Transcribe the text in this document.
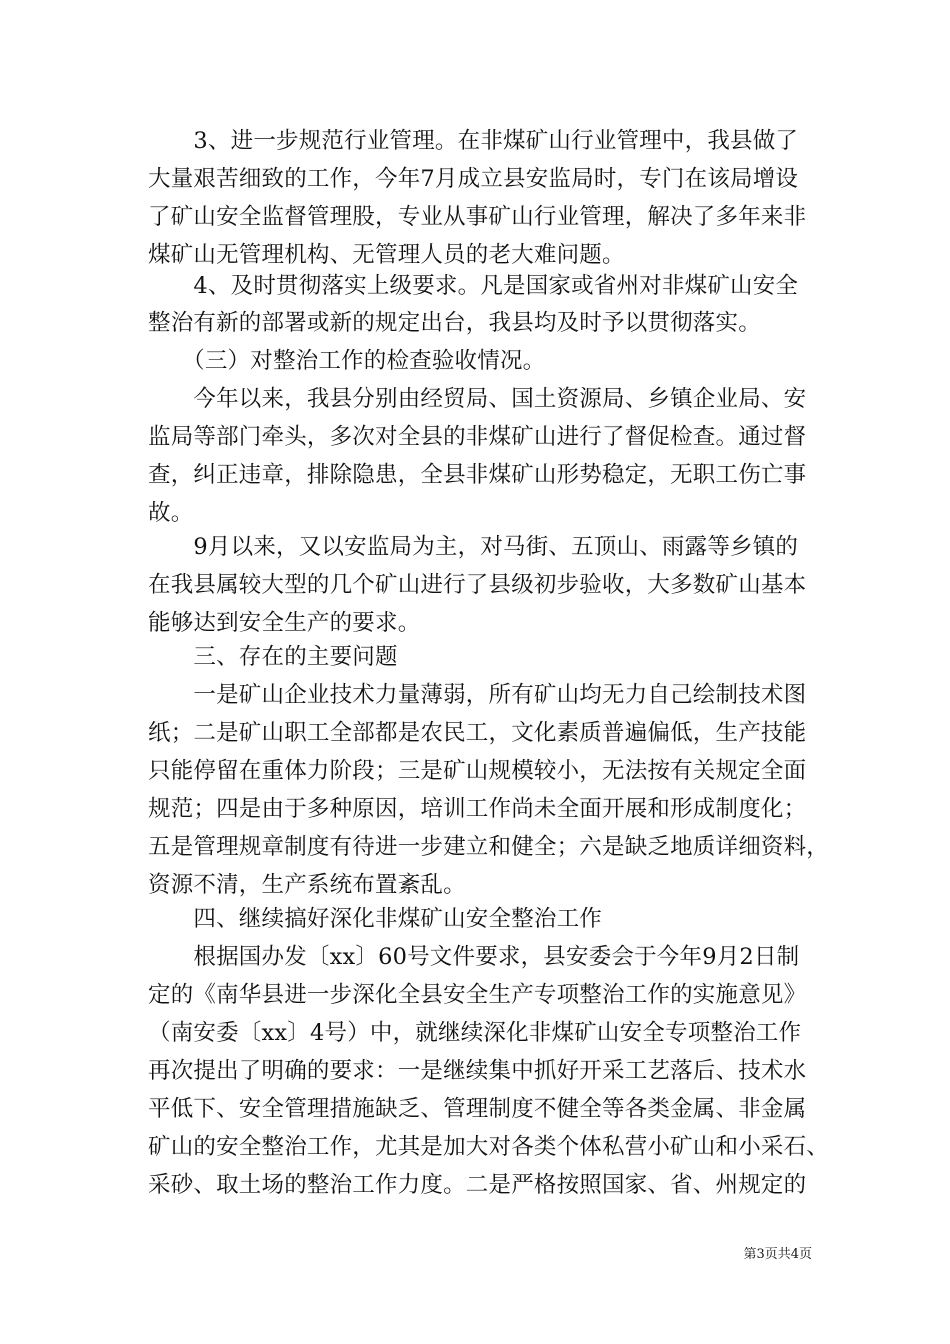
　　3、进一步规范行业管理。在非煤矿山行业管理中，我县做了
大量艰苦细致的工作，今年7月成立县安监局时，专门在该局增设
了矿山安全监督管理股，专业从事矿山行业管理，解决了多年来非
煤矿山无管理机构、无管理人员的老大难问题。
　　4、及时贯彻落实上级要求。凡是国家或省州对非煤矿山安全
整治有新的部署或新的规定出台，我县均及时予以贯彻落实。
　　（三）对整治工作的检查验收情况。
　　今年以来，我县分别由经贸局、国土资源局、乡镇企业局、安
监局等部门牵头，多次对全县的非煤矿山进行了督促检查。通过督
查，纠正违章，排除隐患，全县非煤矿山形势稳定，无职工伤亡事
故。
　　9月以来，又以安监局为主，对马街、五顶山、雨露等乡镇的
在我县属较大型的几个矿山进行了县级初步验收，大多数矿山基本
能够达到安全生产的要求。
　　三、存在的主要问题
　　一是矿山企业技术力量薄弱，所有矿山均无力自己绘制技术图
纸；二是矿山职工全部都是农民工，文化素质普遍偏低，生产技能
只能停留在重体力阶段；三是矿山规模较小，无法按有关规定全面
规范；四是由于多种原因，培训工作尚未全面开展和形成制度化；
五是管理规章制度有待进一步建立和健全；六是缺乏地质详细资料，
资源不清，生产系统布置紊乱。
　　四、继续搞好深化非煤矿山安全整治工作
　　根据国办发〔xx〕60号文件要求，县安委会于今年9月2日制
定的《南华县进一步深化全县安全生产专项整治工作的实施意见》
（南安委〔xx〕4号）中，就继续深化非煤矿山安全专项整治工作
再次提出了明确的要求：一是继续集中抓好开采工艺落后、技术水
平低下、安全管理措施缺乏、管理制度不健全等各类金属、非金属
矿山的安全整治工作，尤其是加大对各类个体私营小矿山和小采石、
采砂、取土场的整治工作力度。二是严格按照国家、省、州规定的
第3页共4页
